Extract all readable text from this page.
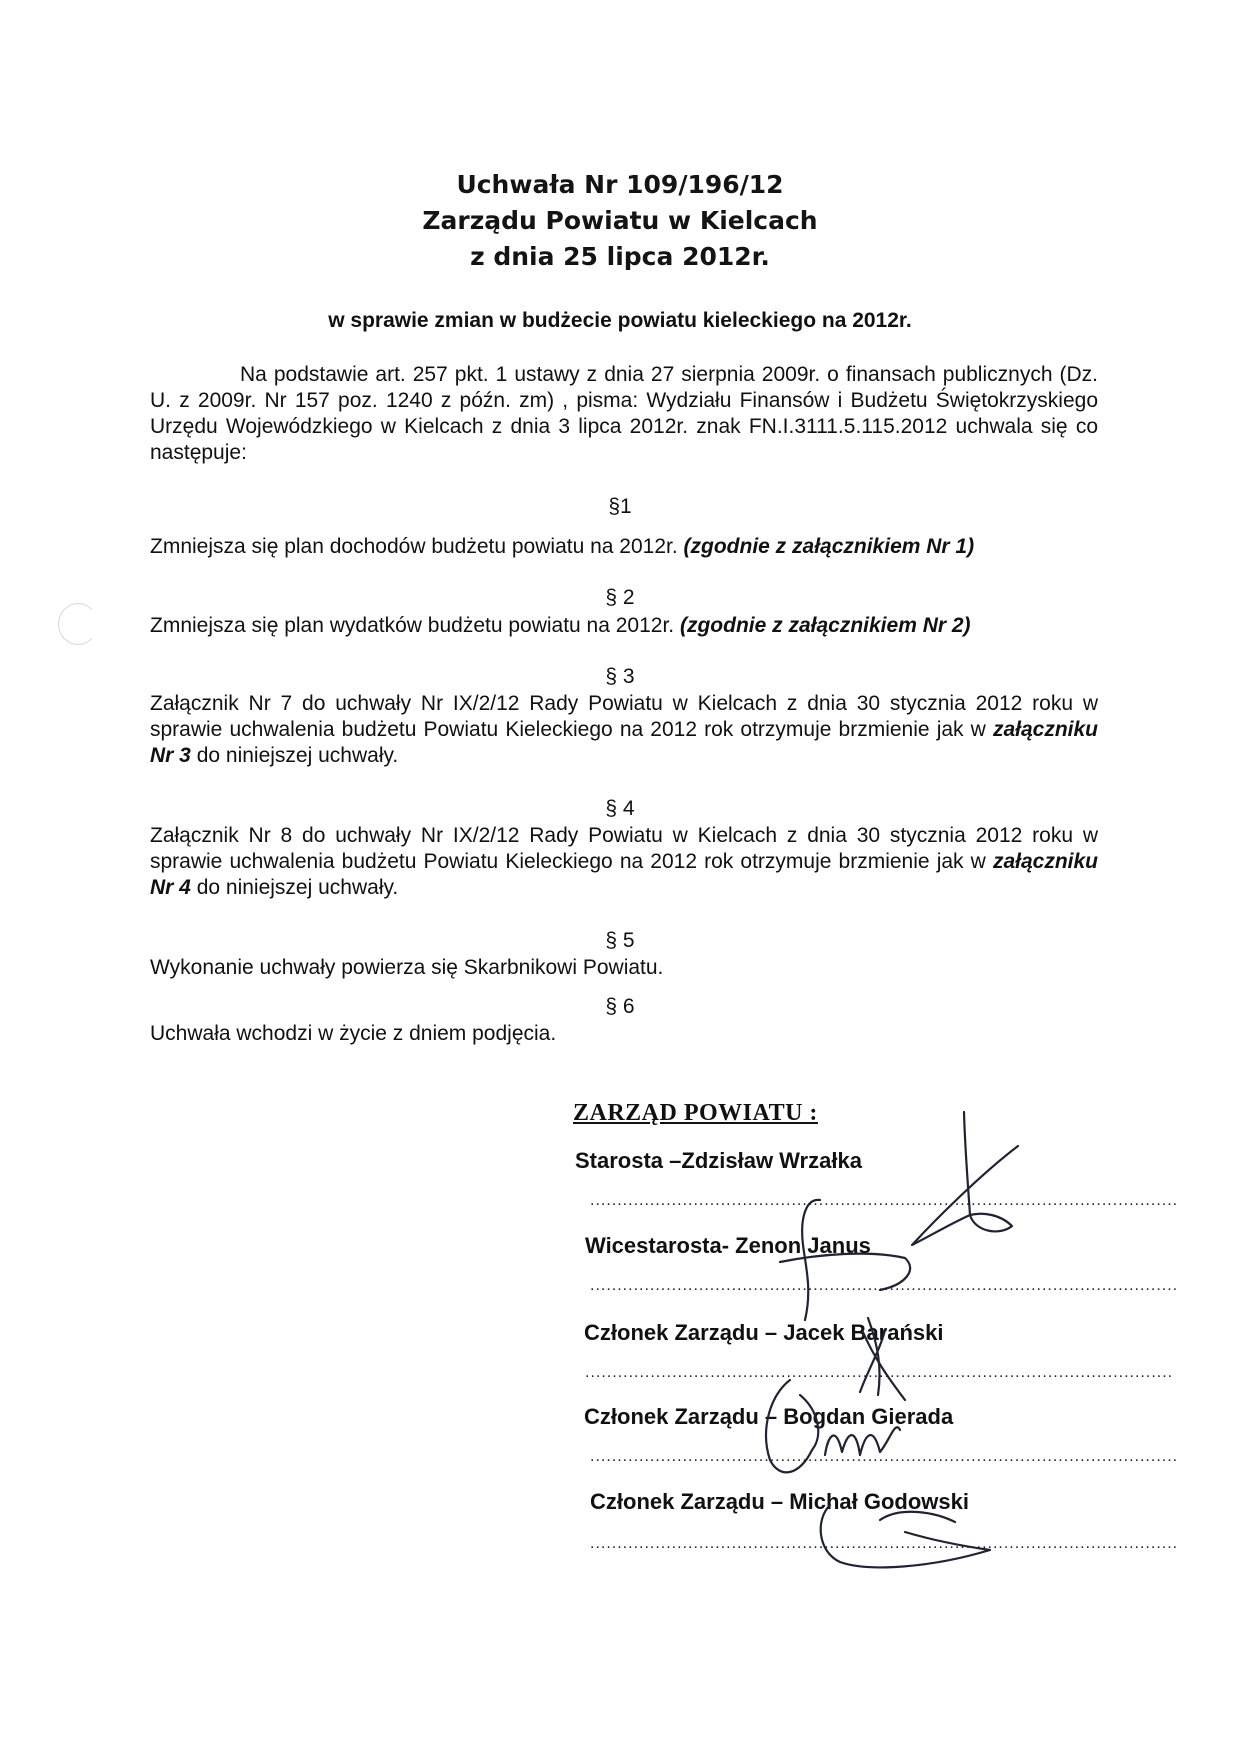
Uchwała Nr 109/196/12
Zarządu Powiatu w Kielcach
z dnia 25 lipca 2012r.
w sprawie zmian w budżecie powiatu kieleckiego na 2012r.
Na podstawie art. 257 pkt. 1 ustawy z dnia 27 sierpnia 2009r. o finansach publicznych (Dz. U. z 2009r. Nr 157 poz. 1240 z późn. zm) , pisma: Wydziału Finansów i Budżetu Świętokrzyskiego Urzędu Wojewódzkiego w Kielcach z dnia 3 lipca 2012r. znak FN.I.3111.5.115.2012 uchwala się co następuje:
§1
Zmniejsza się plan dochodów budżetu powiatu na 2012r. (zgodnie z załącznikiem Nr 1)
§ 2
Zmniejsza się plan wydatków budżetu powiatu na 2012r. (zgodnie z załącznikiem Nr 2)
§ 3
Załącznik Nr 7 do uchwały Nr IX/2/12 Rady Powiatu w Kielcach z dnia 30 stycznia 2012 roku w sprawie uchwalenia budżetu Powiatu Kieleckiego na 2012 rok otrzymuje brzmienie jak w załączniku Nr 3 do niniejszej uchwały.
§ 4
Załącznik Nr 8 do uchwały Nr IX/2/12 Rady Powiatu w Kielcach z dnia 30 stycznia 2012 roku w sprawie uchwalenia budżetu Powiatu Kieleckiego na 2012 rok otrzymuje brzmienie jak w załączniku Nr 4 do niniejszej uchwały.
§ 5
Wykonanie uchwały powierza się Skarbnikowi Powiatu.
§ 6
Uchwała wchodzi w życie z dniem podjęcia.
ZARZĄD POWIATU :
Starosta –Zdzisław Wrzałka
............................................................................................................
Wicestarosta- Zenon Janus
............................................................................................................
Członek Zarządu – Jacek Barański
............................................................................................................
Członek Zarządu – Bogdan Gierada
............................................................................................................
Członek Zarządu – Michał Godowski
............................................................................................................
